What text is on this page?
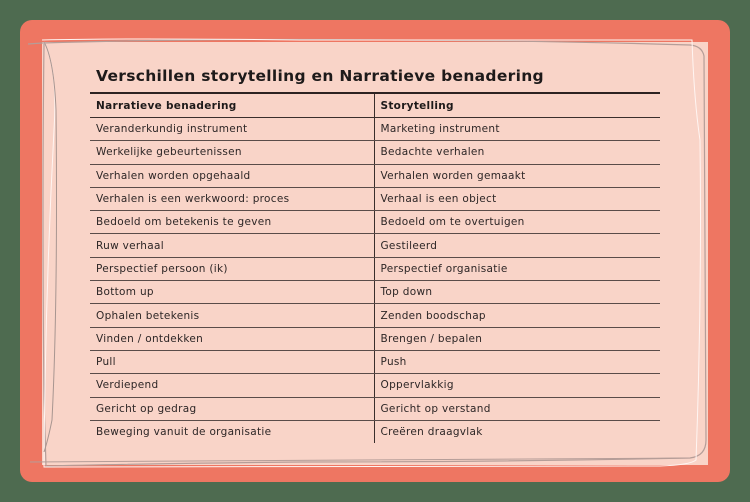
Verschillen storytelling en Narratieve benadering
Narratieve benadering	Storytelling
Veranderkundig instrument	Marketing instrument
Werkelijke gebeurtenissen	Bedachte verhalen
Verhalen worden opgehaald	Verhalen worden gemaakt
Verhalen is een werkwoord: proces	Verhaal is een object
Bedoeld om betekenis te geven	Bedoeld om te overtuigen
Ruw verhaal	Gestileerd
Perspectief persoon (ik)	Perspectief organisatie
Bottom up	Top down
Ophalen betekenis	Zenden boodschap
Vinden / ontdekken	Brengen / bepalen
Pull	Push
Verdiepend	Oppervlakkig
Gericht op gedrag	Gericht op verstand
Beweging vanuit de organisatie	Creëren draagvlak
